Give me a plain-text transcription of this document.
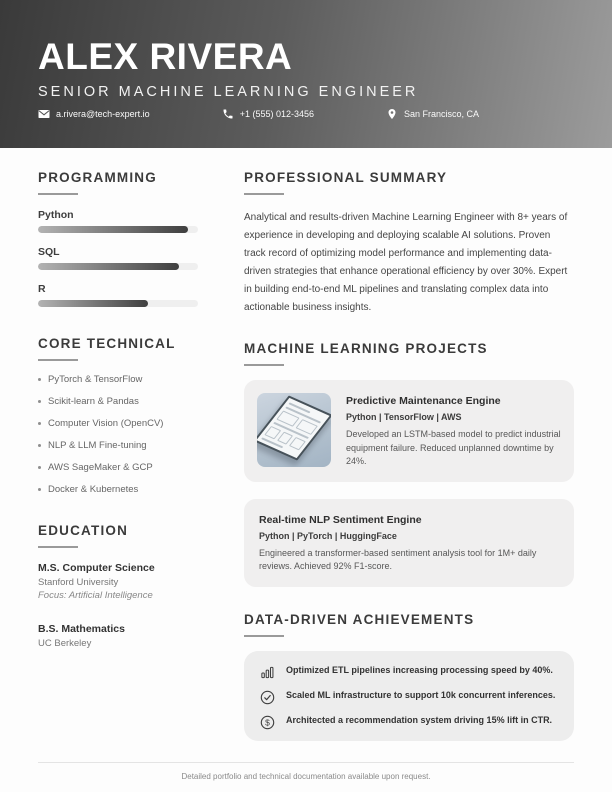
ALEX RIVERA
SENIOR MACHINE LEARNING ENGINEER
a.rivera@tech-expert.io	+1 (555) 012-3456	San Francisco, CA
PROGRAMMING
Python
SQL
R
CORE TECHNICAL
PyTorch & TensorFlow
Scikit-learn & Pandas
Computer Vision (OpenCV)
NLP & LLM Fine-tuning
AWS SageMaker & GCP
Docker & Kubernetes
EDUCATION
M.S. Computer Science
Stanford University
Focus: Artificial Intelligence
B.S. Mathematics
UC Berkeley
PROFESSIONAL SUMMARY

Analytical and results-driven Machine Learning Engineer with 8+ years of experience in developing and deploying scalable AI solutions. Proven track record of optimizing model performance and implementing data-driven strategies that enhance operational efficiency by over 30%. Expert in building end-to-end ML pipelines and translating complex data into actionable business insights.

MACHINE LEARNING PROJECTS
Predictive Maintenance Engine
Python | TensorFlow | AWS

Developed an LSTM-based model to predict industrial equipment failure. Reduced unplanned downtime by 24%.

Real-time NLP Sentiment Engine
Python | PyTorch | HuggingFace

Engineered a transformer-based sentiment analysis tool for 1M+ daily reviews. Achieved 92% F1-score.

DATA-DRIVEN ACHIEVEMENTS
Optimized ETL pipelines increasing processing speed by 40%.
Scaled ML infrastructure to support 10k concurrent inferences.
$ Architected a recommendation system driving 15% lift in CTR.
Detailed portfolio and technical documentation available upon request.
